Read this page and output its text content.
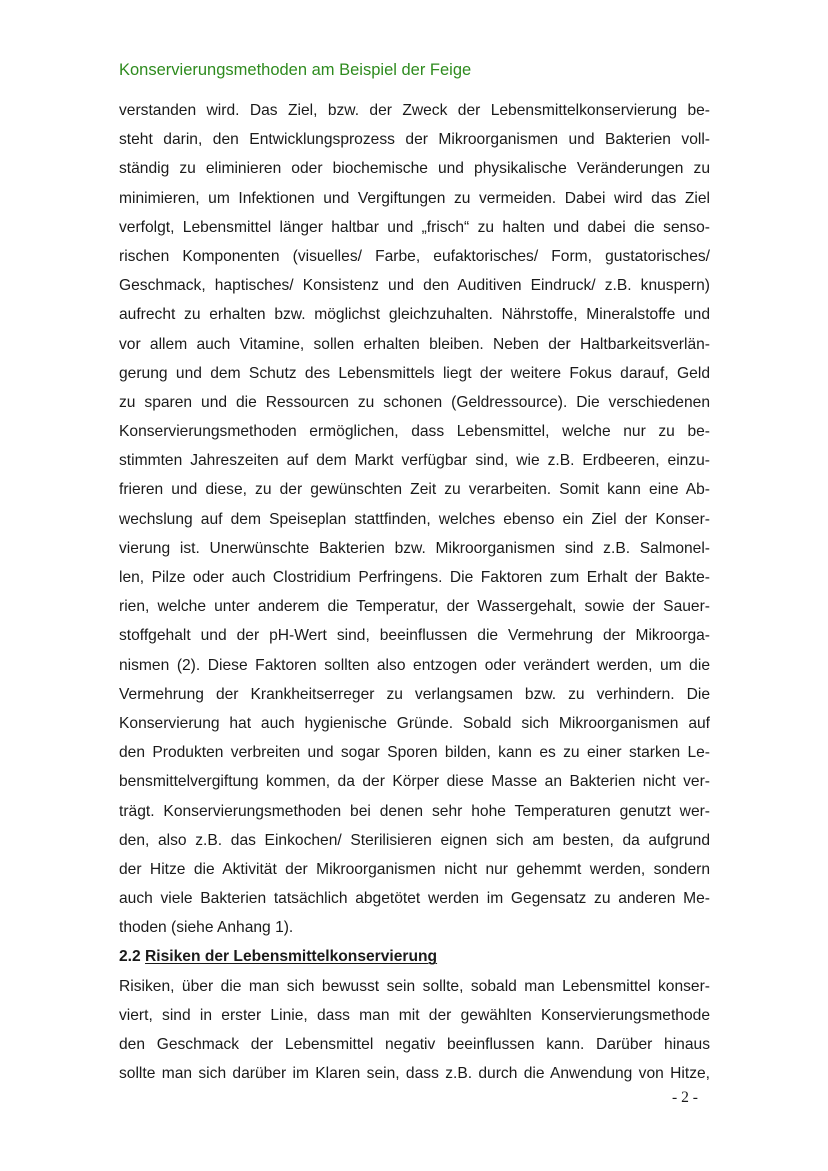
Konservierungsmethoden am Beispiel der Feige
verstanden wird. Das Ziel, bzw. der Zweck der Lebensmittelkonservierung be-
steht darin, den Entwicklungsprozess der Mikroorganismen und Bakterien voll-
ständig zu eliminieren oder biochemische und physikalische Veränderungen zu
minimieren, um Infektionen und Vergiftungen zu vermeiden. Dabei wird das Ziel
verfolgt, Lebensmittel länger haltbar und „frisch“ zu halten und dabei die senso-
rischen Komponenten (visuelles/ Farbe, eufaktorisches/ Form, gustatorisches/
Geschmack, haptisches/ Konsistenz und den Auditiven Eindruck/ z.B. knuspern)
aufrecht zu erhalten bzw. möglichst gleichzuhalten. Nährstoffe, Mineralstoffe und
vor allem auch Vitamine, sollen erhalten bleiben. Neben der Haltbarkeitsverlän-
gerung und dem Schutz des Lebensmittels liegt der weitere Fokus darauf, Geld
zu sparen und die Ressourcen zu schonen (Geldressource). Die verschiedenen
Konservierungsmethoden ermöglichen, dass Lebensmittel, welche nur zu be-
stimmten Jahreszeiten auf dem Markt verfügbar sind, wie z.B. Erdbeeren, einzu-
frieren und diese, zu der gewünschten Zeit zu verarbeiten. Somit kann eine Ab-
wechslung auf dem Speiseplan stattfinden, welches ebenso ein Ziel der Konser-
vierung ist. Unerwünschte Bakterien bzw. Mikroorganismen sind z.B. Salmonel-
len, Pilze oder auch Clostridium Perfringens. Die Faktoren zum Erhalt der Bakte-
rien, welche unter anderem die Temperatur, der Wassergehalt, sowie der Sauer-
stoffgehalt und der pH-Wert sind, beeinflussen die Vermehrung der Mikroorga-
nismen (2). Diese Faktoren sollten also entzogen oder verändert werden, um die
Vermehrung der Krankheitserreger zu verlangsamen bzw. zu verhindern. Die
Konservierung hat auch hygienische Gründe. Sobald sich Mikroorganismen auf
den Produkten verbreiten und sogar Sporen bilden, kann es zu einer starken Le-
bensmittelvergiftung kommen, da der Körper diese Masse an Bakterien nicht ver-
trägt. Konservierungsmethoden bei denen sehr hohe Temperaturen genutzt wer-
den, also z.B. das Einkochen/ Sterilisieren eignen sich am besten, da aufgrund
der Hitze die Aktivität der Mikroorganismen nicht nur gehemmt werden, sondern
auch viele Bakterien tatsächlich abgetötet werden im Gegensatz zu anderen Me-
thoden (siehe Anhang 1).
2.2 Risiken der Lebensmittelkonservierung
Risiken, über die man sich bewusst sein sollte, sobald man Lebensmittel konser-
viert, sind in erster Linie, dass man mit der gewählten Konservierungsmethode
den Geschmack der Lebensmittel negativ beeinflussen kann. Darüber hinaus
sollte man sich darüber im Klaren sein, dass z.B. durch die Anwendung von Hitze,
- 2 -
